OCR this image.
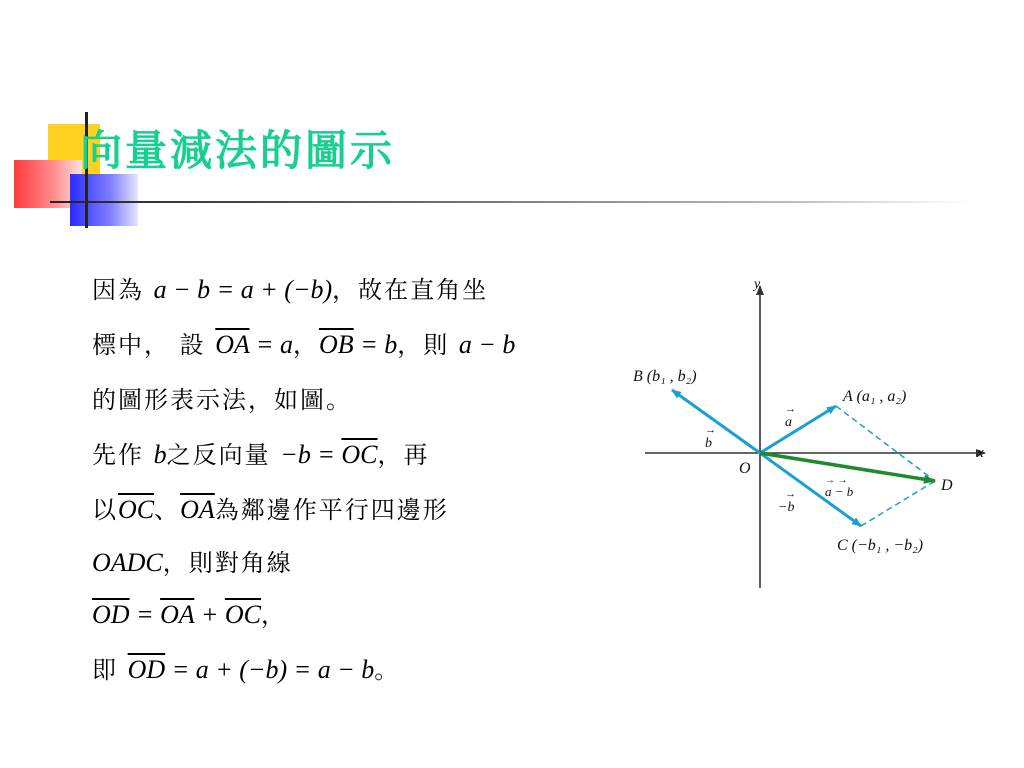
向量減法的圖示
因為 a − b = a + (−b)，故在直角坐
標中， 設 $\overline{OA} = a$，$\overline{OB} = b$，則 a − b
的圖形表示法，如圖。
先作 b之反向量 $-b = \overline{OC}$，再
以$\overline{OC}$、$\overline{OA}$為鄰邊作平行四邊形
OADC，則對角線
$\overline{OD} = \overline{OA} + \overline{OC}$，
即 $\overline{OD} = a + (-b) = a - b$。
y
x
O
A (a₁ , a₂)
B (b₁ , b₂)
C (−b₁ , −b₂)
D
a
→
b
→
−b
→ a − b
→ →
